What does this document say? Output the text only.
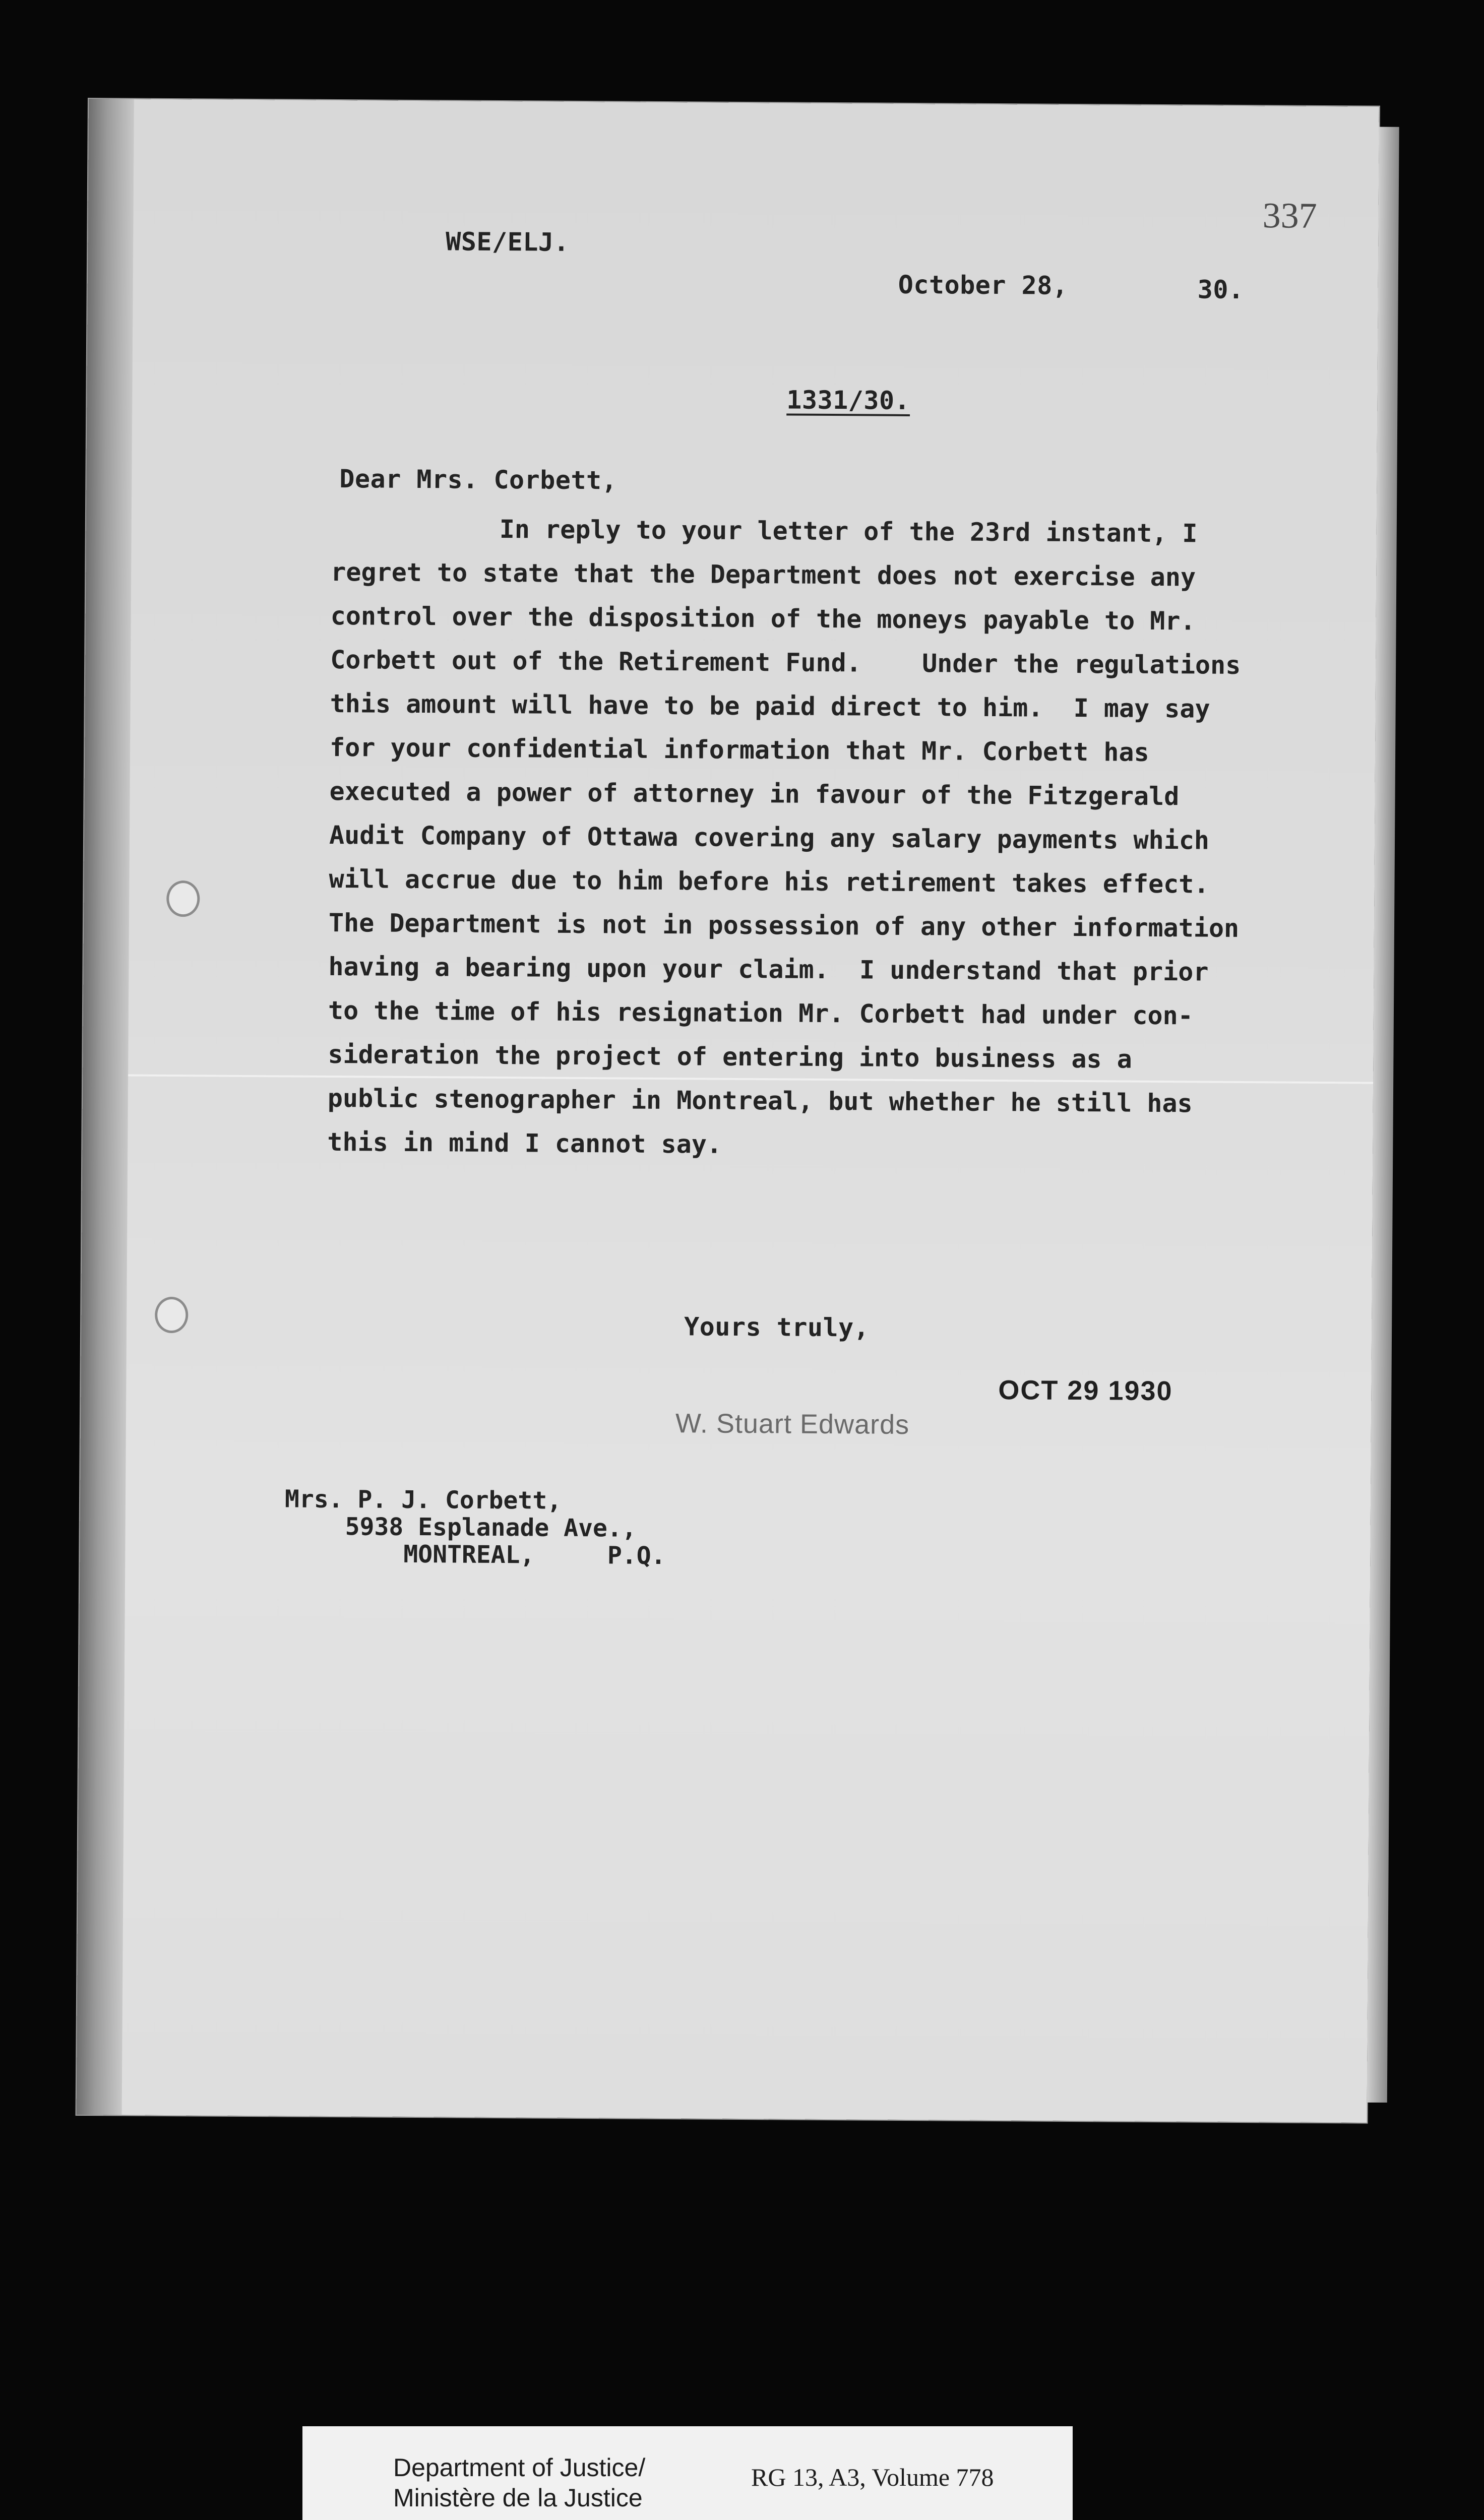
337
WSE/ELJ.
October 28,	30.
1331/30.
Dear Mrs. Corbett,
In reply to your letter of the 23rd instant, I
regret to state that the Department does not exercise any
control over the disposition of the moneys payable to Mr.
Corbett out of the Retirement Fund.    Under the regulations
this amount will have to be paid direct to him.  I may say
for your confidential information that Mr. Corbett has
executed a power of attorney in favour of the Fitzgerald
Audit Company of Ottawa covering any salary payments which
will accrue due to him before his retirement takes effect.
The Department is not in possession of any other information
having a bearing upon your claim.  I understand that prior
to the time of his resignation Mr. Corbett had under con-
sideration the project of entering into business as a
public stenographer in Montreal, but whether he still has
this in mind I cannot say.
Yours truly,
OCT 29 1930
W. Stuart Edwards
Mrs. P. J. Corbett,
5938 Esplanade Ave.,
MONTREAL,     P.Q.
Department of Justice/
Ministère de la Justice
RG 13, A3, Volume 778
